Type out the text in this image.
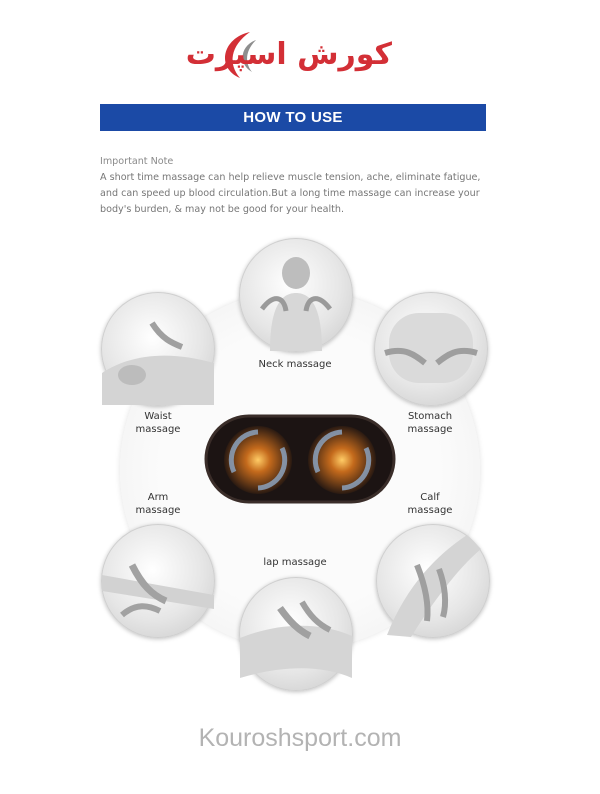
کورش اسپرت
HOW TO USE
Important Note
A short time massage can help relieve muscle tension, ache, eliminate fatigue, and can speed up blood circulation.But a long time massage can increase your body's burden, & may not be good for your health.
Neck massage
Waist
massage
Stomach
massage
Arm
massage
Calf
massage
lap massage
Kouroshsport.com
